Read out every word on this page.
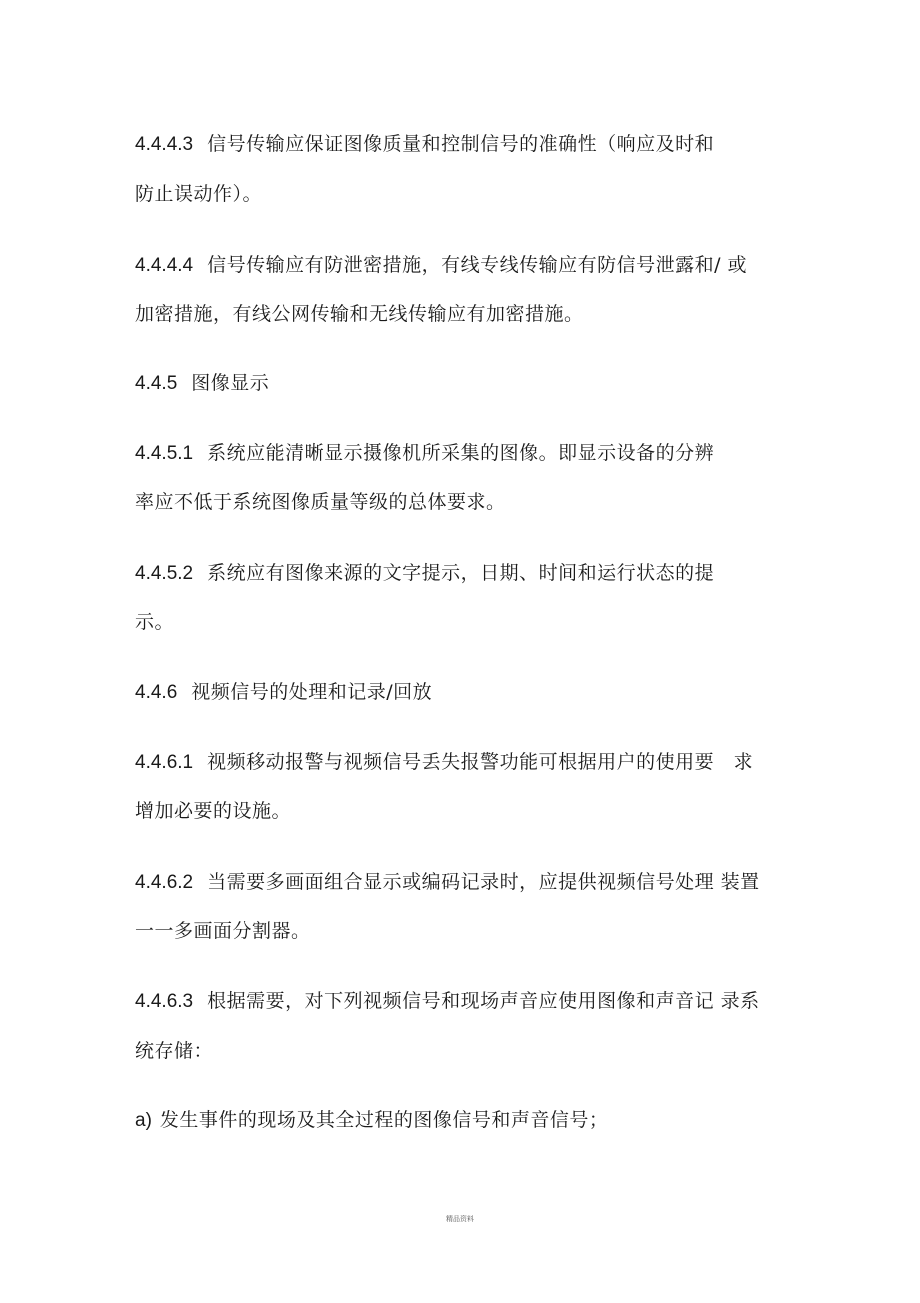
4.4.4.3 信号传输应保证图像质量和控制信号的准确性（响应及时和
防止误动作）。
4.4.4.4 信号传输应有防泄密措施，有线专线传输应有防信号泄露和/ 或
加密措施，有线公网传输和无线传输应有加密措施。
4.4.5 图像显示
4.4.5.1 系统应能清晰显示摄像机所采集的图像。即显示设备的分辨
率应不低于系统图像质量等级的总体要求。
4.4.5.2 系统应有图像来源的文字提示，日期、时间和运行状态的提
示。
4.4.6 视频信号的处理和记录/回放
4.4.6.1 视频移动报警与视频信号丢失报警功能可根据用户的使用要　求
增加必要的设施。
4.4.6.2 当需要多画面组合显示或编码记录时，应提供视频信号处理 装置
一一多画面分割器。
4.4.6.3 根据需要，对下列视频信号和现场声音应使用图像和声音记 录系
统存储：
a) 发生事件的现场及其全过程的图像信号和声音信号；
精品资料
